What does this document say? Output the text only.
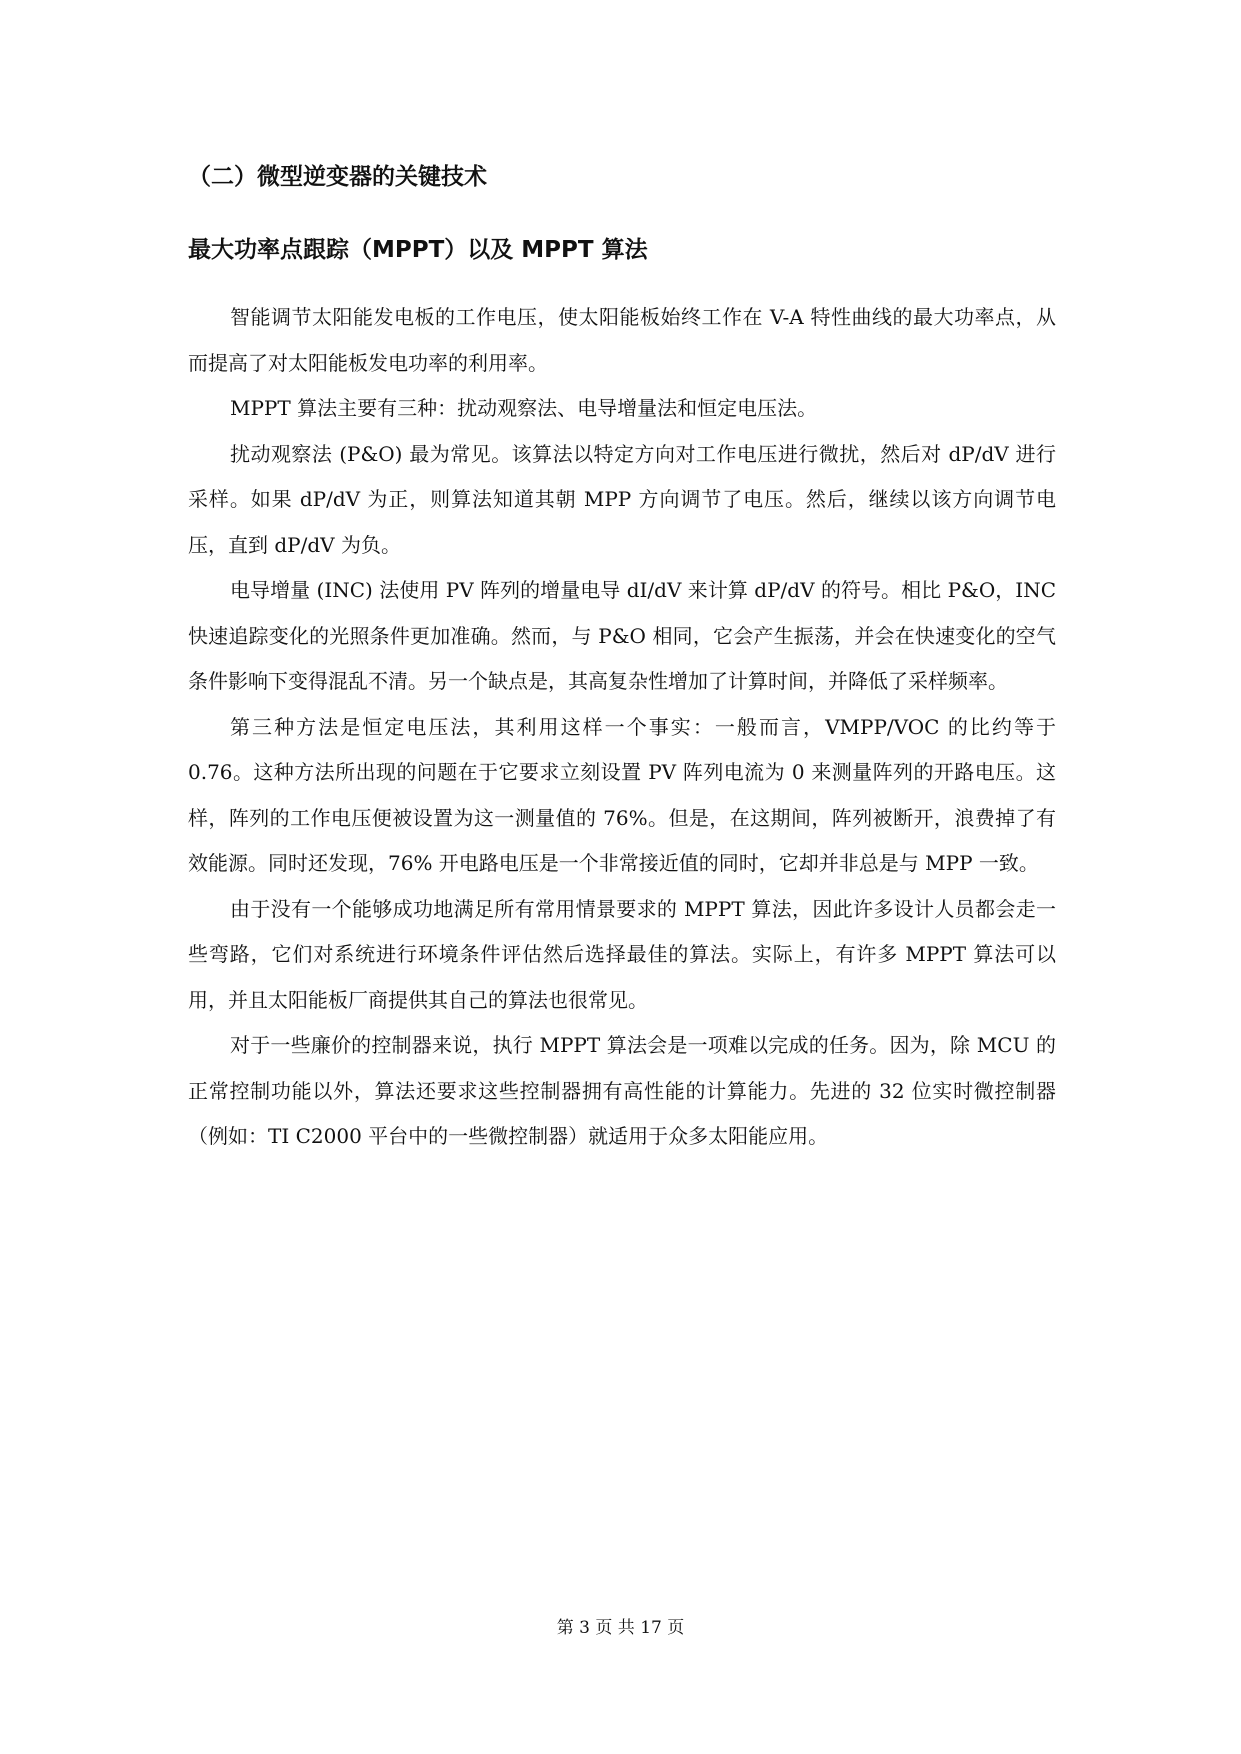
（二）微型逆变器的关键技术
最大功率点跟踪（MPPT）以及 MPPT 算法

智能调节太阳能发电板的工作电压，使太阳能板始终工作在 V-A 特性曲线的最大功率点，从而提高了对太阳能板发电功率的利用率。

MPPT 算法主要有三种：扰动观察法、电导增量法和恒定电压法。

扰动观察法 (P&O) 最为常见。该算法以特定方向对工作电压进行微扰，然后对 dP/dV 进行采样。如果 dP/dV 为正，则算法知道其朝 MPP 方向调节了电压。然后，继续以该方向调节电压，直到 dP/dV 为负。

电导增量 (INC) 法使用 PV 阵列的增量电导 dI/dV 来计算 dP/dV 的符号。相比 P&O，INC 快速追踪变化的光照条件更加准确。然而，与 P&O 相同，它会产生振荡，并会在快速变化的空气条件影响下变得混乱不清。另一个缺点是，其高复杂性增加了计算时间，并降低了采样频率。

第三种方法是恒定电压法，其利用这样一个事实：一般而言，VMPP/VOC 的比约等于 0.76。这种方法所出现的问题在于它要求立刻设置 PV 阵列电流为 0 来测量阵列的开路电压。这样，阵列的工作电压便被设置为这一测量值的 76%。但是，在这期间，阵列被断开，浪费掉了有效能源。同时还发现，76% 开电路电压是一个非常接近值的同时，它却并非总是与 MPP 一致。

由于没有一个能够成功地满足所有常用情景要求的 MPPT 算法，因此许多设计人员都会走一些弯路，它们对系统进行环境条件评估然后选择最佳的算法。实际上，有许多 MPPT 算法可以用，并且太阳能板厂商提供其自己的算法也很常见。

对于一些廉价的控制器来说，执行 MPPT 算法会是一项难以完成的任务。因为，除 MCU 的正常控制功能以外，算法还要求这些控制器拥有高性能的计算能力。先进的 32 位实时微控制器（例如：TI C2000 平台中的一些微控制器）就适用于众多太阳能应用。

第 3 页 共 17 页
